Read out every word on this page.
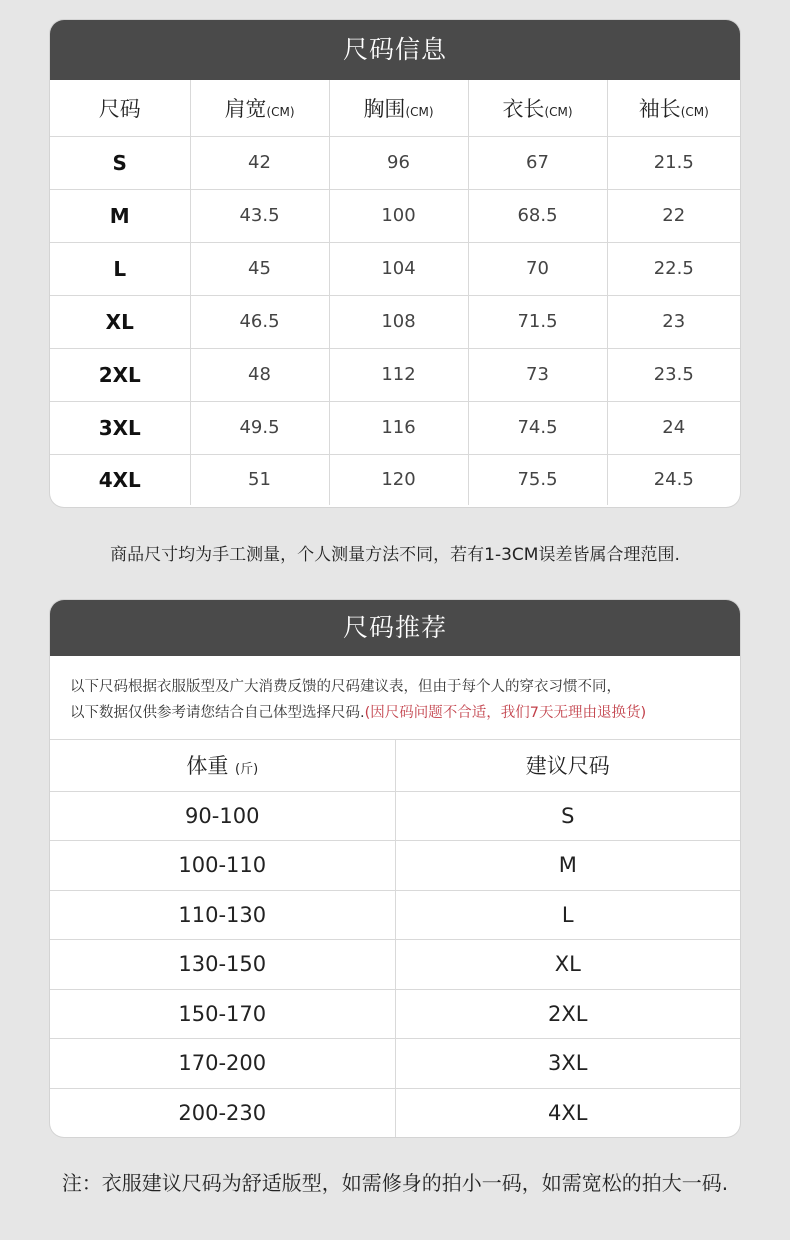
尺码信息
尺码	肩宽(CM)	胸围(CM)	衣长(CM)	袖长(CM)
S	42	96	67	21.5
M	43.5	100	68.5	22
L	45	104	70	22.5
XL	46.5	108	71.5	23
2XL	48	112	73	23.5
3XL	49.5	116	74.5	24
4XL	51	120	75.5	24.5
商品尺寸均为手工测量，个人测量方法不同，若有1-3CM误差皆属合理范围.
尺码推荐
以下尺码根据衣服版型及广大消费反馈的尺码建议表，但由于每个人的穿衣习惯不同，
以下数据仅供参考请您结合自己体型选择尺码.(因尺码问题不合适，我们7天无理由退换货)
体重 (斤)	建议尺码
90-100	S
100-110	M
110-130	L
130-150	XL
150-170	2XL
170-200	3XL
200-230	4XL
注：衣服建议尺码为舒适版型，如需修身的拍小一码，如需宽松的拍大一码.
